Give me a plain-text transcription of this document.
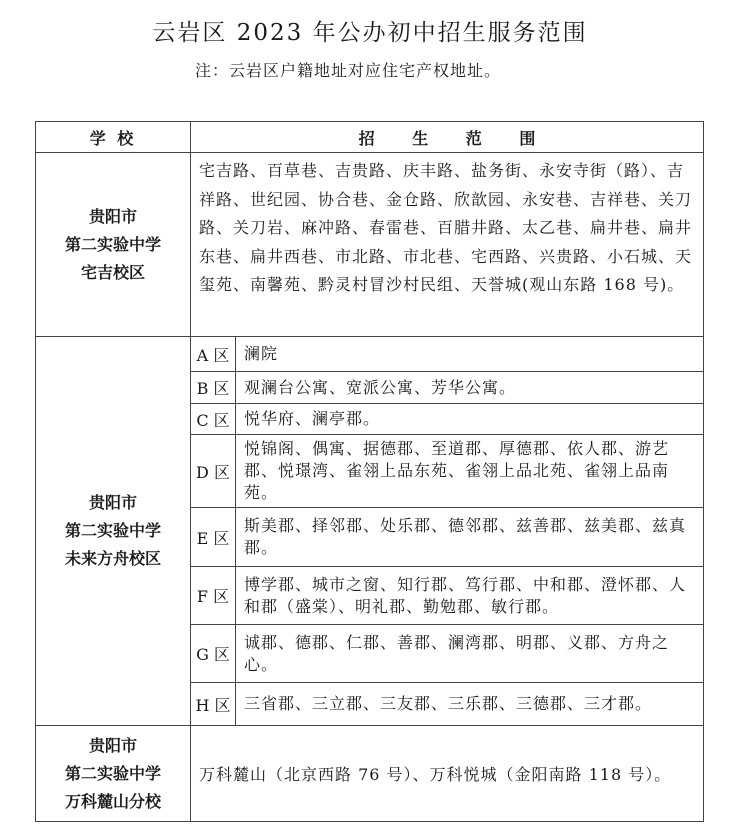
云岩区 2023 年公办初中招生服务范围
注：云岩区户籍地址对应住宅产权地址。
学 校	招 生 范 围	

贵阳市
第二实验中学
宅吉校区	宅吉路、百草巷、吉贵路、庆丰路、盐务街、永安寺街（路）、吉祥路、世纪园、协合巷、金仓路、欣歆园、永安巷、吉祥巷、关刀路、关刀岩、麻冲路、春雷巷、百腊井路、太乙巷、扁井巷、扁井东巷、扁井西巷、市北路、市北巷、宅西路、兴贵路、小石城、天玺苑、南馨苑、黔灵村冒沙村民组、天誉城(观山东路 168 号)。	

贵阳市
第二实验中学
未来方舟校区	A 区	澜院
	B 区	观澜台公寓、宽派公寓、芳华公寓。
	C 区	悦华府、澜亭郡。
	D 区	悦锦阁、偶寓、据德郡、至道郡、厚德郡、依人郡、游艺郡、悦璟湾、雀翎上品东苑、雀翎上品北苑、雀翎上品南苑。
	E 区	斯美郡、择邻郡、处乐郡、德邻郡、兹善郡、兹美郡、兹真郡。
	F 区	博学郡、城市之窗、知行郡、笃行郡、中和郡、澄怀郡、人和郡（盛棠）、明礼郡、勤勉郡、敏行郡。
	G 区	诚郡、德郡、仁郡、善郡、澜湾郡、明郡、义郡、方舟之心。
	H 区	三省郡、三立郡、三友郡、三乐郡、三德郡、三才郡。

贵阳市
第二实验中学
万科麓山分校	万科麓山（北京西路 76 号）、万科悦城（金阳南路 118 号）。	
